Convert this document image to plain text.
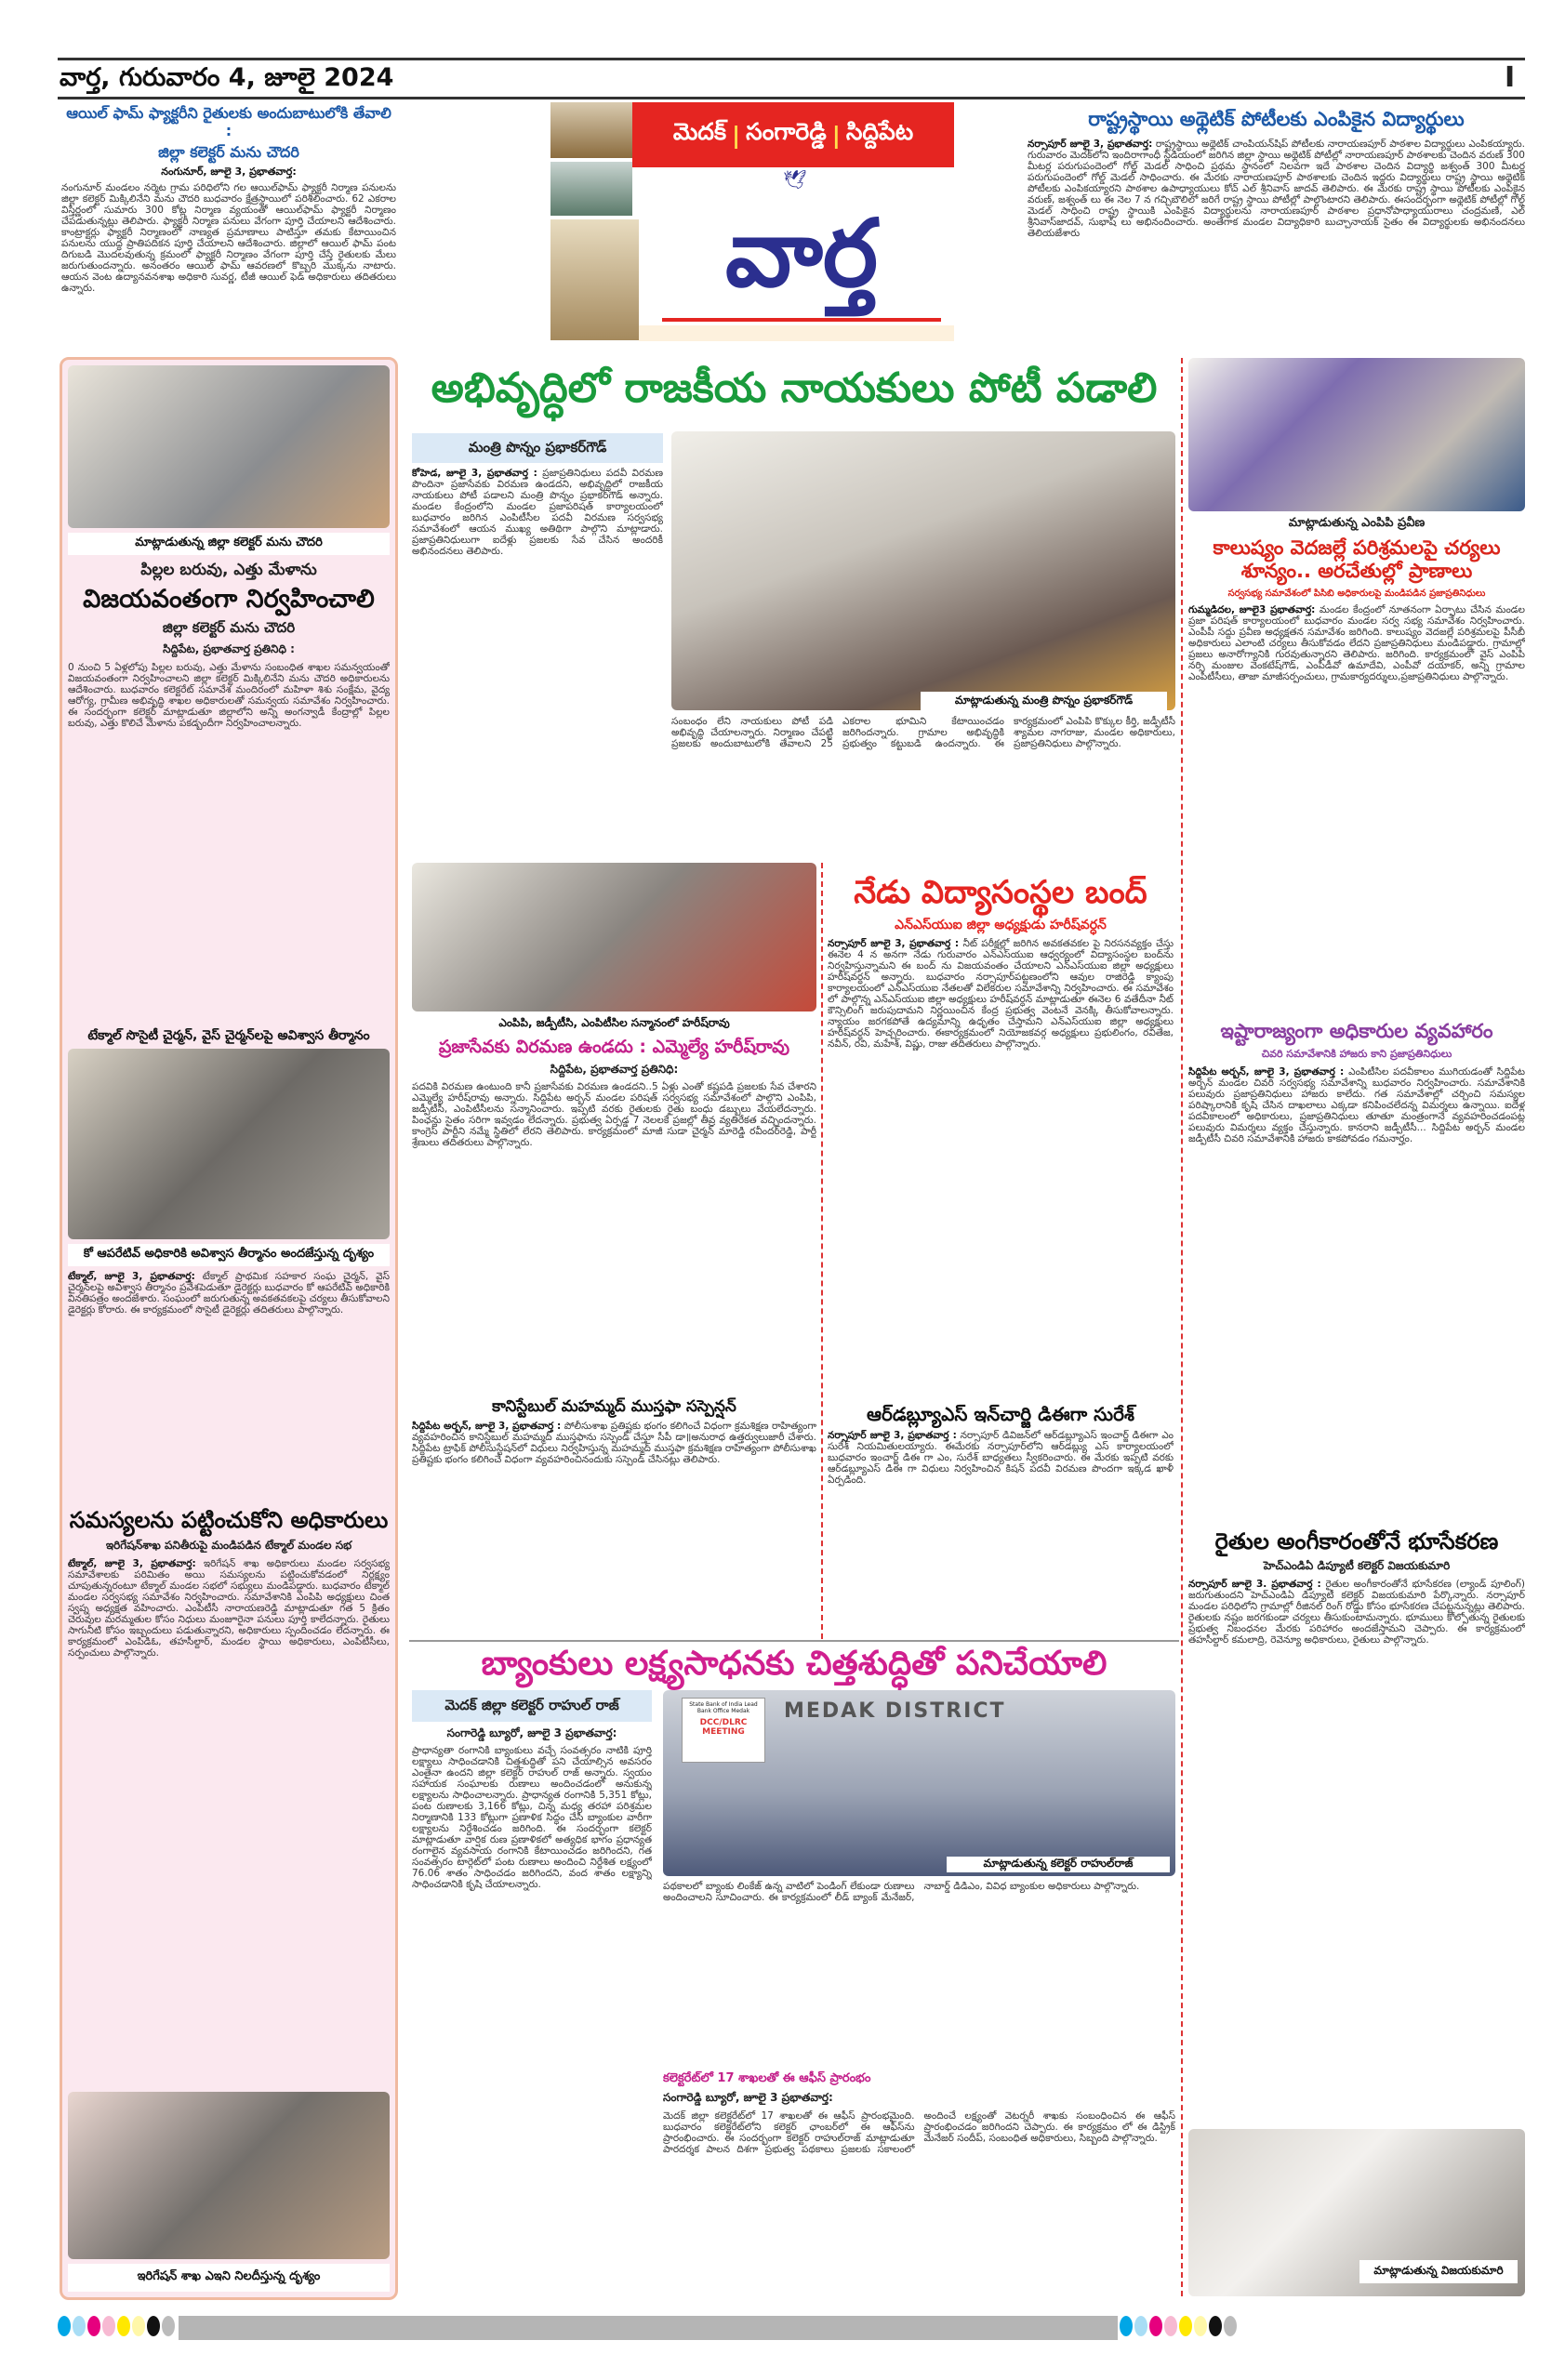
వార్త, గురువారం 4, జూలై 2024	I
ఆయిల్ ఫామ్ ఫ్యాక్టరీని రైతులకు అందుబాటులోకి తేవాలి :
జిల్లా కలెక్టర్ మను చౌదరి
నంగునూర్, జూలై 3, ప్రభాతవార్త:

నంగునూర్ మండలం నర్మెట గ్రామ పరిధిలోని గల ఆయిల్‌ఫామ్ ఫ్యాక్టరీ నిర్మాణ పనులను జిల్లా కలెక్టర్ మిక్కిలినేని మను చౌదరి బుధవారం క్షేత్రస్థాయిలో పరిశీలించారు. 62 ఎకరాల విస్తీర్ణంలో సుమారు 300 కోట్ల నిర్మాణ వ్యయంతో ఆయిల్‌ఫామ్ ఫ్యాక్టరీ నిర్మాణం చేపడుతున్నట్లు తెలిపారు. ఫ్యాక్టరీ నిర్మాణ పనులు వేగంగా పూర్తి చేయాలని ఆదేశించారు. కాంట్రాక్టర్లు ఫ్యాక్టరీ నిర్మాణంలో నాణ్యత ప్రమాణాలు పాటిస్తూ తమకు కేటాయించిన పనులను యుద్ధ ప్రాతిపదికన పూర్తి చేయాలని ఆదేశించారు. జిల్లాలో ఆయిల్ ఫామ్ పంట దిగుబడి మొదలవుతున్న క్రమంలో ఫ్యాక్టరీ నిర్మాణం వేగంగా పూర్తి చేస్తే రైతులకు మేలు జరుగుతుందన్నారు. అనంతరం ఆయిల్ ఫామ్ ఆవరణలో కొబ్బరి మొక్కను నాటారు. ఆయన వెంట ఉద్యానవనశాఖ అధికారి సువర్ణ, టీజీ ఆయిల్ ఫెడ్ అధికారులు తదితరులు ఉన్నారు.

మెదక్ | సంగారెడ్డి | సిద్దిపేట
🕊
వార్త
రాష్ట్రస్థాయి అథ్లెటిక్ పోటీలకు ఎంపికైన విద్యార్థులు

నర్సాపూర్ జూలై 3, ప్రభాతవార్త: రాష్ట్రస్థాయి అథ్లెటిక్ చాంపియన్‌షిప్ పోటీలకు నారాయణపూర్ పాఠశాల విద్యార్థులు ఎంపికయ్యారు. గురువారం మెదక్‌లోని ఇందిరాగాంధీ స్టేడియంలో జరిగిన జిల్లా స్థాయి అథ్లెటిక్ పోటీల్లో నారాయణపూర్ పాఠశాలకు చెందిన వరుణ్ 300 మీటర్ల పరుగుపందెంలో గోల్డ్ మెడల్ సాధించి ప్రథమ స్థానంలో నిలవగా ఇదే పాఠశాల చెందిన విద్యార్థి జశ్వంత్ 300 మీటర్ల పరుగుపందెంలో గోల్డ్ మెడల్ సాధించారు. ఈ మేరకు నారాయణపూర్ పాఠశాలకు చెందిన ఇద్దరు విద్యార్థులు రాష్ట్ర స్థాయి అథ్లెటిక్ పోటీలకు ఎంపికయ్యారని పాఠశాల ఉపాధ్యాయులు కోచ్ ఎల్ శ్రీనివాస్ జాదవ్ తెలిపారు. ఈ మేరకు రాష్ట్ర స్థాయి పోటీలకు ఎంపికైన వరుణ్, జశ్వంత్ లు ఈ నెల 7 న గచ్చిబౌలిలో జరిగే రాష్ట్ర స్థాయి పోటీల్లో పాల్గొంటారని తెలిపారు. ఈసందర్భంగా అథ్లెటిక్ పోటీల్లో గోల్డ్ మెడల్ సాధించి రాష్ట్ర స్థాయికి ఎంపికైన విద్యార్థులను నారాయణపూర్ పాఠశాల ప్రధానోపాధ్యాయురాలు చంద్రమణి, ఎల్ శ్రీనివాస్‌జాదవ్, సుభాష్ లు అభినందించారు. అంతేగాక మండల విద్యాధికారి బుచ్చానాయక్ సైతం ఈ విద్యార్థులకు అభినందనలు తెలియజేశారు

మాట్లాడుతున్న జిల్లా కలెక్టర్ మను చౌదరి
పిల్లల బరువు, ఎత్తు మేళాను
విజయవంతంగా నిర్వహించాలి
జిల్లా కలెక్టర్ మను చౌదరి
సిద్దిపేట, ప్రభాతవార్త ప్రతినిధి :

0 నుంచి 5 ఏళ్లలోపు పిల్లల బరువు, ఎత్తు మేళాను సంబంధిత శాఖల సమన్వయంతో విజయవంతంగా నిర్వహించాలని జిల్లా కలెక్టర్ మిక్కిలినేని మను చౌదరి అధికారులను ఆదేశించారు. బుధవారం కలెక్టరేట్ సమావేశ మందిరంలో మహిళా శిశు సంక్షేమ, వైద్య ఆరోగ్య, గ్రామీణ అభివృద్ధి శాఖల అధికారులతో సమన్వయ సమావేశం నిర్వహించారు. ఈ సందర్భంగా కలెక్టర్ మాట్లాడుతూ జిల్లాలోని అన్ని అంగన్వాడీ కేంద్రాల్లో పిల్లల బరువు, ఎత్తు కొలిచే మేళాను పకడ్బందీగా నిర్వహించాలన్నారు.

టేక్మాల్ సొసైటీ చైర్మన్, వైస్ చైర్మన్‌లపై అవిశ్వాస తీర్మానం
కో ఆపరేటివ్ అధికారికి అవిశ్వాస తీర్మానం అందజేస్తున్న దృశ్యం

టేక్మాల్, జూలై 3, ప్రభాతవార్త: టేక్మాల్ ప్రాథమిక సహకార సంఘ చైర్మన్, వైస్ చైర్మన్‌లపై అవిశ్వాస తీర్మానం ప్రవేశపెడుతూ డైరెక్టర్లు బుధవారం కో ఆపరేటివ్ అధికారికి వినతిపత్రం అందజేశారు. సంఘంలో జరుగుతున్న అవకతవకలపై చర్యలు తీసుకోవాలని డైరెక్టర్లు కోరారు. ఈ కార్యక్రమంలో సొసైటీ డైరెక్టర్లు తదితరులు పాల్గొన్నారు.

సమస్యలను పట్టించుకోని అధికారులు
ఇరిగేషన్‌శాఖ పనితీరుపై మండిపడిన టేక్మాల్ మండల సభ

టేక్మాల్, జూలై 3, ప్రభాతవార్త: ఇరిగేషన్ శాఖ అధికారులు మండల సర్వసభ్య సమావేశాలకు పరిమితం అయి సమస్యలను పట్టించుకోవడంలో నిర్లక్ష్యం చూపుతున్నరంటూ టేక్మాల్ మండల సభలో సభ్యులు మండిపడ్డారు. బుధవారం టేక్మాల్ మండల సర్వసభ్య సమావేశం నిర్వహించారు. సమావేశానికి ఎంపిపి అధ్యక్షులు చింత స్వప్న అధ్యక్షత వహించారు. ఎంపిటీసీ నారాయణరెడ్డి మాట్లాడుతూ గత 5 క్రితం చెరువుల మరమ్మతుల కోసం నిధులు మంజూరైనా పనులు పూర్తి కాలేదన్నారు. రైతులు సాగునీటి కోసం ఇబ్బందులు పడుతున్నారని, అధికారులు స్పందించడం లేదన్నారు. ఈ కార్యక్రమంలో ఎంపిడిఓ, తహసీల్దార్, మండల స్థాయి అధికారులు, ఎంపిటీసీలు, సర్పంచులు పాల్గొన్నారు.

ఇరిగేషన్ శాఖ ఎఇని నిలదీస్తున్న దృశ్యం
అభివృద్ధిలో రాజకీయ నాయకులు పోటీ పడాలి
మంత్రి పొన్నం ప్రభాకర్‌గౌడ్

కోహెడ, జూలై 3, ప్రభాతవార్త : ప్రజాప్రతినిధులు పదవీ విరమణ పొందినా ప్రజాసేవకు విరమణ ఉండదని, అభివృద్ధిలో రాజకీయ నాయకులు పోటీ పడాలని మంత్రి పొన్నం ప్రభాకర్‌గౌడ్ అన్నారు. మండల కేంద్రంలోని మండల ప్రజాపరిషత్ కార్యాలయంలో బుధవారం జరిగిన ఎంపిటీసీల పదవీ విరమణ సర్వసభ్య సమావేశంలో ఆయన ముఖ్య అతిథిగా పాల్గొని మాట్లాడారు. ప్రజాప్రతినిధులుగా ఐదేళ్లు ప్రజలకు సేవ చేసిన అందరికీ అభినందనలు తెలిపారు.

మాట్లాడుతున్న మంత్రి పొన్నం ప్రభాకర్‌గౌడ్

సంబంధం లేని నాయకులు పోటీ పడి అభివృద్ధి చేయాలన్నారు. నిర్మాణం చేపట్టి ప్రజలకు అందుబాటులోకి తేవాలని 25 ఎకరాల భూమిని కేటాయించడం జరిగిందన్నారు. గ్రామాల అభివృద్ధికి ప్రభుత్వం కట్టుబడి ఉందన్నారు. ఈ కార్యక్రమంలో ఎంపిపి కొక్కుల కీర్తి, జడ్పీటీసీ శ్యామల నాగరాజు, మండల అధికారులు, ప్రజాప్రతినిధులు పాల్గొన్నారు.

ఎంపిపి, జడ్పీటీసి, ఎంపిటీసిల సన్మానంలో హరీష్‌రావు
ప్రజాసేవకు విరమణ ఉండదు : ఎమ్మెల్యే హరీష్‌రావు
సిద్దిపేట, ప్రభాతవార్త ప్రతినిధి:

పదవికి విరమణ ఉంటుంది కానీ ప్రజాసేవకు విరమణ ఉండదని..5 ఏళ్లు ఎంతో కష్టపడి ప్రజలకు సేవ చేశారని ఎమ్మెల్యే హరీష్‌రావు అన్నారు. సిద్దిపేట అర్బన్ మండల పరిషత్ సర్వసభ్య సమావేశంలో పాల్గొని ఎంపిపి, జడ్పీటీసీ, ఎంపిటీసీలను సన్మానించారు. ఇప్పటి వరకు రైతులకు రైతు బంధు డబ్బులు వేయలేదన్నారు. పింఛన్లు సైతం సరిగా ఇవ్వడం లేదన్నారు. ప్రభుత్వ ఏర్పడ్డ 7 నెలలకే ప్రజల్లో తీవ్ర వ్యతిరేకత వచ్చిందన్నారు. కాంగ్రెస్ పార్టీని నమ్మే స్థితిలో లేరని తెలిపారు. కార్యక్రమంలో మాజీ సుడా చైర్మన్ మారెడ్డి రవీందర్‌రెడ్డి, పార్టీ శ్రేణులు తదితరులు పాల్గొన్నారు.

కానిస్టేబుల్ మహమ్మద్ ముస్తఫా సస్పెన్షన్

సిద్దిపేట అర్బన్, జూలై 3, ప్రభాతవార్త : పోలీసుశాఖ ప్రతిష్టకు భంగం కలిగించే విధంగా క్రమశిక్షణ రాహిత్యంగా వ్యవహరించిన కానిస్టేబుల్ మహమ్మద్ ముస్తఫాను సస్పెండ్ చేస్తూ సీపీ డా॥అనురాధ ఉత్తర్వులుజారీ చేశారు. సిద్దిపేట ట్రాఫిక్ పోలీసుస్టేషన్‌లో విధులు నిర్వహిస్తున్న మహమ్మద్ ముస్తఫా క్రమశిక్షణ రాహిత్యంగా పోలీసుశాఖ ప్రతిష్టకు భంగం కలిగించే విధంగా వ్యవహరించినందుకు సస్పెండ్ చేసినట్లు తెలిపారు.

నేడు విద్యాసంస్థల బంద్
ఎన్ఎస్‌యుఐ జిల్లా అధ్యక్షుడు హరీష్‌వర్ధన్

నర్సాపూర్ జూలై 3, ప్రభాతవార్త : నీట్ పరీక్షల్లో జరిగిన అవకతవకల పై నిరసనవ్యక్తం చేస్తు ఈనెల 4 న అనగా నేడు గురువారం ఎన్ఎస్‌యుఐ ఆధ్వర్యంలో విద్యాసంస్థల బంద్‌ను నిర్వహిస్తున్నామని ఈ బంద్ ను విజయవంతం చేయాలని ఎన్ఎస్‌యుఐ జిల్లా అధ్యక్షులు హరీష్‌వర్ధన్ అన్నారు. బుధవారం నర్సాపూర్‌పట్టణంలోని ఆవుల రాజిరెడ్డి క్యాంపు కార్యాలయంలో ఎన్ఎస్‌యుఐ నేతలతో విలేకరుల సమావేశాన్ని నిర్వహించారు. ఈ సమావేశం లో పాల్గొన్న ఎన్ఎస్‌యుఐ జిల్లా అధ్యక్షులు హరీష్‌వర్ధన్ మాట్లాడుతూ ఈనెల 6 వతేదీనా నీట్ కౌన్సిలింగ్ జరుపుదామని నిర్ణయించిన కేంద్ర ప్రభుత్వ వెంటనే వెనక్కి తీసుకోవాలన్నారు. న్యాయం జరగకపోతే ఉద్యమాన్ని ఉధృతం చేస్తామని ఎన్ఎస్‌యుఐ జిల్లా అధ్యక్షులు హరీష్‌వర్ధన్ హెచ్చరించారు. ఈకార్యక్రమంలో నియోజకవర్గ అధ్యక్షులు ప్రభులింగం, రవితేజ, నవీన్, రవి, మహేశ్, విష్ణు, రాజు తదితరులు పాల్గొన్నారు.

ఆర్‌డబ్ల్యూఎస్ ఇన్‌చార్జి డిఈగా సురేశ్

నర్సాపూర్ జూలై 3, ప్రభాతవార్త : నర్సాపూర్ డివిజన్‌లో ఆర్‌డబ్ల్యూఎస్ ఇంచార్జ్ డిఈగా ఎం సురేశ్ నియమితులయ్యారు. ఈమేరకు నర్సాపూర్‌లోని ఆర్‌డబ్ల్యు ఎస్ కార్యాలయంలో బుధవారం ఇంచార్జ్ డిఈ గా ఎం, సురేశ్ బాధ్యతలు స్వీకరించారు. ఈ మేరకు ఇప్పటి వరకు ఆర్‌డబ్ల్యూఎస్ డిఈ గా విధులు నిర్వహించిన కిషన్ పదవీ విరమణ పొందగా ఇక్కడ ఖాళీ ఏర్పడింది.

బ్యాంకులు లక్ష్యసాధనకు చిత్తశుద్ధితో పనిచేయాలి
మెదక్ జిల్లా కలెక్టర్ రాహుల్ రాజ్
సంగారెడ్డి బ్యూరో, జూలై 3 ప్రభాతవార్త:

ప్రాధాన్యతా రంగానికి బ్యాంకులు వచ్చే సంవత్సరం నాటికి పూర్తి లక్ష్యాలు సాధించడానికి చిత్తశుద్ధితో పని చేయాల్సిన అవసరం ఎంతైనా ఉందని జిల్లా కలెక్టర్ రాహుల్ రాజ్ అన్నారు. స్వయం సహాయక సంఘాలకు రుణాలు అందించడంలో అనుకున్న లక్ష్యాలను సాధించాలన్నారు. ప్రాధాన్యత రంగానికి 5,351 కోట్లు, పంట రుణాలకు 3,166 కోట్లు, చిన్న మధ్య తరహా పరిశ్రమల నిర్మాణానికి 133 కోట్లుగా ప్రణాళిక సిద్ధం చేసి బ్యాంకుల వారీగా లక్ష్యాలను నిర్దేశించడం జరిగింది. ఈ సందర్భంగా కలెక్టర్ మాట్లాడుతూ వార్షిక రుణ ప్రణాళికలో అత్యధిక భాగం ప్రధాన్యత రంగాలైన వ్యవసాయ రంగానికి కేటాయించడం జరిగిందని, గత సంవత్సరం టార్గెట్‌లో పంట రుణాలు అందించి నిర్దేశిత లక్ష్యంలో 76.06 శాతం సాధించడం జరిగిందని, వంద శాతం లక్ష్యాన్ని సాధించడానికి కృషి చేయాలన్నారు.

State Bank of India Lead Bank Office Medak
DCC/DLRC MEETING
MEDAK DISTRICT
మాట్లాడుతున్న కలెక్టర్ రాహుల్‌రాజ్

పథకాలలో బ్యాంకు లింకేజ్ ఉన్న వాటిలో పెండింగ్ లేకుండా రుణాలు అందించాలని సూచించారు. ఈ కార్యక్రమంలో లీడ్ బ్యాంక్ మేనేజర్, నాబార్డ్ డిడిఎం, వివిధ బ్యాంకుల అధికారులు పాల్గొన్నారు.

కలెక్టరేట్‌లో 17 శాఖలతో ఈ ఆఫీస్ ప్రారంభం
సంగారెడ్డి బ్యూరో, జూలై 3 ప్రభాతవార్త:

మెదక్ జిల్లా కలెక్టరేట్‌లో 17 శాఖలతో ఈ ఆఫీస్ ప్రారంభమైంది. బుధవారం కలెక్టరేట్‌లోని కలెక్టర్ ఛాంబర్‌లో ఈ ఆఫీస్‌ను ప్రారంభించారు. ఈ సందర్భంగా కలెక్టర్ రాహుల్‌రాజ్ మాట్లాడుతూ పారదర్శక పాలన దిశగా ప్రభుత్వ పథకాలు ప్రజలకు సకాలంలో అందించే లక్ష్యంతో వెటర్నరీ శాఖకు సంబంధించిన ఈ ఆఫీస్ ప్రారంభించడం జరిగిందని చెప్పారు. ఈ కార్యక్రమం లో ఈ డిస్ట్రిక్ మేనేజర్ సందీప్, సంబంధిత అధికారులు, సిబ్బంది పాల్గొన్నారు.

మాట్లాడుతున్న ఎంపిపి ప్రవీణ
కాలుష్యం వెదజల్లే పరిశ్రమలపై చర్యలు శూన్యం.. అరచేతుల్లో ప్రాణాలు
సర్వసభ్య సమావేశంలో పిసిబి అధికారులపై మండిపడిన ప్రజాప్రతినిధులు

గుమ్మడిదల, జూలై3 ప్రభాతవార్త: మండల కేంద్రంలో నూతనంగా ఏర్పాటు చేసిన మండల ప్రజా పరిషత్ కార్యాలయంలో బుధవారం మండల సర్వ సభ్య సమావేశం నిర్వహించారు. ఎంపీపీ సద్దు ప్రవీణ అధ్యక్షతన సమావేశం జరిగింది. కాలుష్యం వెదజల్లే పరిశ్రమలపై పీసీబీ అధికారులు ఎలాంటి చర్యలు తీసుకోవడం లేదని ప్రజాప్రతినిధులు మండిపడ్డారు. గ్రామాల్లో ప్రజలు అనారోగ్యానికి గురవుతున్నారని తెలిపారు. జరిగింది. కార్యక్రమంలో వైస్ ఎంపిపి నర్సి మంజుల వెంకటేష్‌గౌడ్, ఎంపీడీవో ఉమాదేవి, ఎంపీవో దయాకర్, అన్ని గ్రామాల ఎంపీటీసీలు, తాజా మాజీసర్పంచులు, గ్రామకార్యదర్శులు,ప్రజాప్రతినిధులు పాల్గొన్నారు.

ఇష్టారాజ్యంగా అధికారుల వ్యవహారం
చివరి సమావేశానికి హాజరు కాని ప్రజాప్రతినిధులు

సిద్దిపేట అర్బన్, జూలై 3, ప్రభాతవార్త : ఎంపిటీసిల పదవీకాలం ముగియడంతో సిద్దిపేట అర్బన్ మండల చివరి సర్వసభ్య సమావేశాన్ని బుధవారం నిర్వహించారు. సమావేశానికి పలువురు ప్రజాప్రతినిధులు హాజరు కాలేదు. గత సమావేశాల్లో చర్చించి సమస్యల పరిష్కారానికి కృషి చేసిన దాఖలాలు ఎక్కడా కనిపించలేదన్న విమర్శలు ఉన్నాయి. ఐదేళ్ల పదవీకాలంలో అధికారులు, ప్రజాప్రతినిధులు తూతూ మంత్రంగానే వ్యవహరించడంపట్ల పలువురు విమర్శలు వ్యక్తం చేస్తున్నారు. కానరాని జడ్పీటీసీ... సిద్దిపేట అర్బన్ మండల జడ్పీటీసీ చివరి సమావేశానికి హాజరు కాకపోవడం గమనార్హం.

రైతుల అంగీకారంతోనే భూసేకరణ
హెచ్ఎండిఏ డిప్యూటీ కలెక్టర్ విజయకుమారి

నర్సాపూర్ జూలై 3. ప్రభాతవార్త : రైతుల అంగీకారంతోనే భూసేకరణ (ల్యాండ్ పూలింగ్) జరుగుతుందని హెచ్ఎండిఏ డిప్యూటీ కలెక్టర్ విజయకుమారి పేర్కొన్నారు. నర్సాపూర్ మండల పరిధిలోని గ్రామాల్లో రీజినల్ రింగ్ రోడ్డు కోసం భూసేకరణ చేపట్టనున్నట్లు తెలిపారు. రైతులకు నష్టం జరగకుండా చర్యలు తీసుకుంటామన్నారు. భూములు కోల్పోతున్న రైతులకు ప్రభుత్వ నిబంధనల మేరకు పరిహారం అందజేస్తామని చెప్పారు. ఈ కార్యక్రమంలో తహసీల్దార్ కమలాద్రి, రెవెన్యూ అధికారులు, రైతులు పాల్గొన్నారు.

మాట్లాడుతున్న విజయకుమారి
